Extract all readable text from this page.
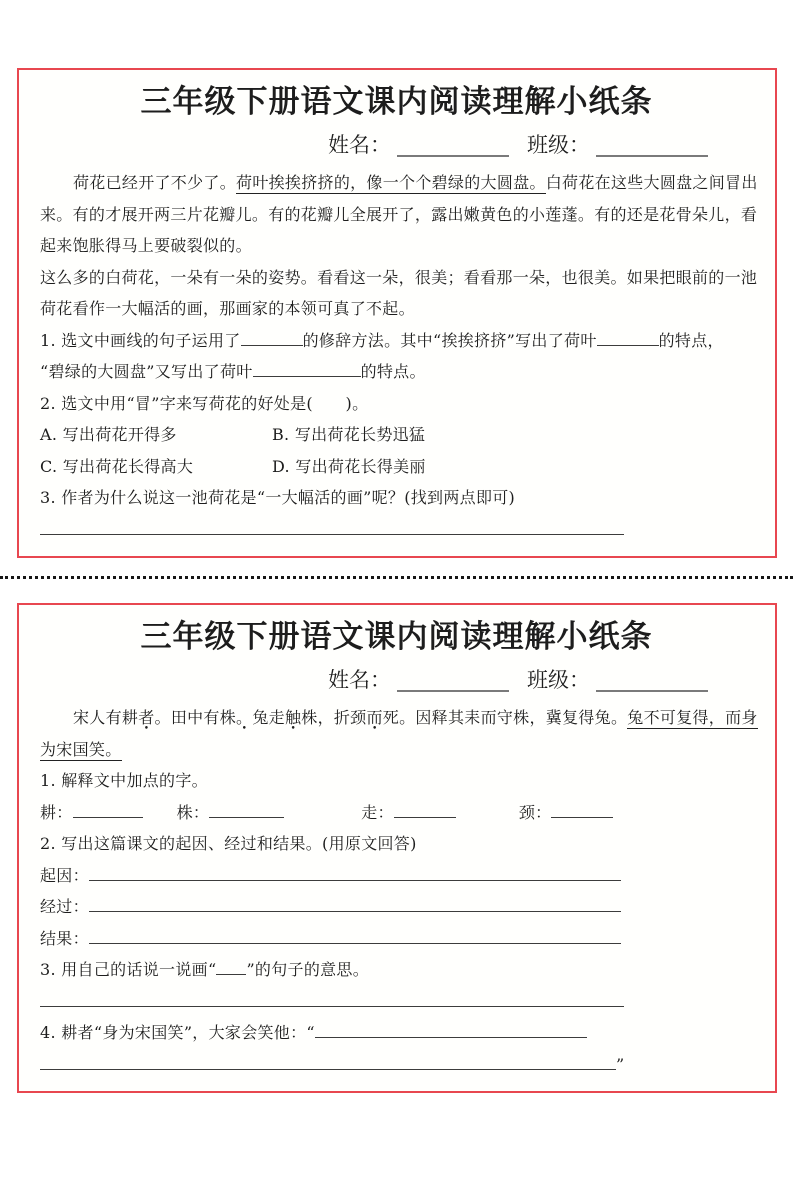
三年级下册语文课内阅读理解小纸条
姓名：	班级：
荷花已经开了不少了。荷叶挨挨挤挤的，像一个个碧绿的大圆盘。白荷花在这些大圆盘之间冒出
来。有的才展开两三片花瓣儿。有的花瓣儿全展开了，露出嫩黄色的小莲蓬。有的还是花骨朵儿，看
起来饱胀得马上要破裂似的。
这么多的白荷花，一朵有一朵的姿势。看看这一朵，很美；看看那一朵，也很美。如果把眼前的一池
荷花看作一大幅活的画，那画家的本领可真了不起。
1. 选文中画线的句子运用了	的修辞方法。其中“挨挨挤挤”写出了荷叶	的特点，
“碧绿的大圆盘”又写出了荷叶	的特点。
2. 选文中用“冒”字来写荷花的好处是(　　)。
A. 写出荷花开得多	B. 写出荷花长势迅猛
C. 写出荷花长得高大	D. 写出荷花长得美丽
3. 作者为什么说这一池荷花是“一大幅活的画”呢？(找到两点即可)
三年级下册语文课内阅读理解小纸条
姓名：	班级：
宋人有耕者。田中有株。兔走触株，折颈而死。因释其耒而守株，冀复得兔。兔不可复得，而身
为宋国笑。
1. 解释文中加点的字。
耕：	株：	走：	颈：
2. 写出这篇课文的起因、经过和结果。(用原文回答)
起因：
经过：
结果：
3. 用自己的话说一说画“ ”的句子的意思。
4. 耕者“身为宋国笑”，大家会笑他：“
”
